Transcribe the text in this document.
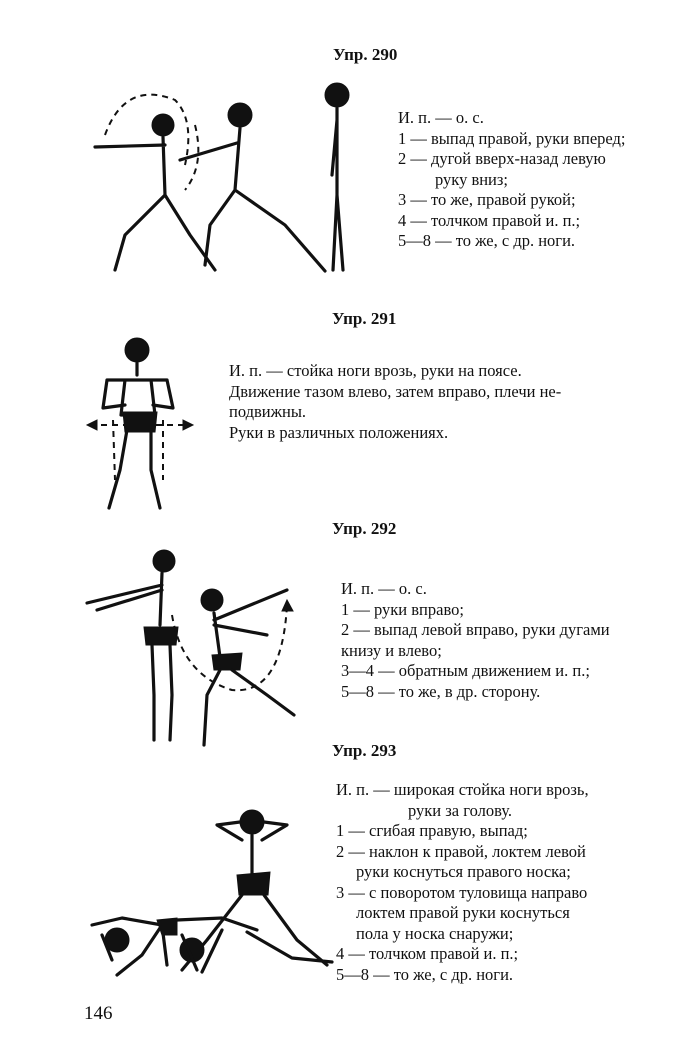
Упр. 290
И. п. — о. с.
1 — выпад правой, руки вперед;
2 — дугой вверх-назад левую
руку вниз;
3 — то же, правой рукой;
4 — толчком правой и. п.;
5—8 — то же, с др. ноги.
Упр. 291
И. п. — стойка ноги врозь, руки на поясе.
Движение тазом влево, затем вправо, плечи не-
подвижны.
Руки в различных положениях.
Упр. 292
И. п. — о. с.
1 — руки вправо;
2 — выпад левой вправо, руки дугами
книзу и влево;
3—4 — обратным движением и. п.;
5—8 — то же, в др. сторону.
Упр. 293
И. п. — широкая стойка ноги врозь,
руки за голову.
1 — сгибая правую, выпад;
2 — наклон к правой, локтем левой
руки коснуться правого носка;
3 — с поворотом туловища направо
локтем правой руки коснуться
пола у носка снаружи;
4 — толчком правой и. п.;
5—8 — то же, с др. ноги.
146
